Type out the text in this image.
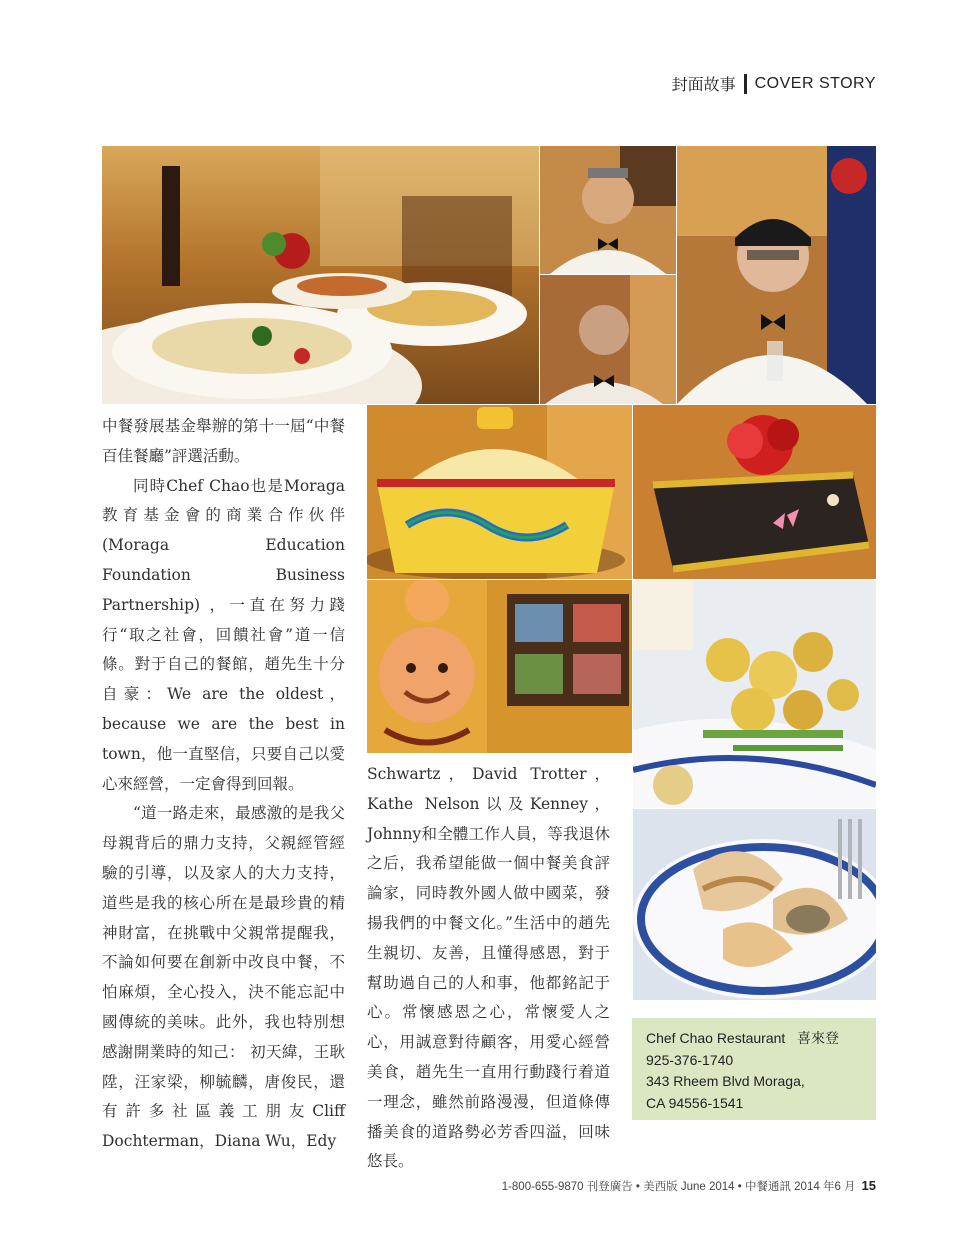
封面故事 COVER STORY

中餐發展基金舉辦的第十一屆“中餐百佳餐廳”評選活動。

同時Chef Chao也是Moraga教育基金會的商業合作伙伴 (Moraga Education Foundation Business Partnership) ，一直在努力踐行“取之社會，回饋社會”道一信條。對于自己的餐館，趙先生十分自豪：We are the oldest，because we are the best in town，他一直堅信，只要自己以愛心來經營，一定會得到回報。

“道一路走來，最感激的是我父母親背后的鼎力支持，父親經管經驗的引導，以及家人的大力支持，道些是我的核心所在是最珍貴的精神財富，在挑戰中父親常提醒我， 不論如何要在創新中改良中餐，不怕麻煩，全心投入，決不能忘記中國傳統的美味。此外，我也特別想感謝開業時的知己： 初天緯，王耿陞，汪家梁，柳毓麟，唐俊民，還有許多社區義工朋友Cliff Dochterman，Diana Wu，Edy

Schwartz，David Trotter，Kathe Nelson以及Kenney，Johnny和全體工作人員，等我退休之后，我希望能做一個中餐美食評論家，同時教外國人做中國菜，發揚我們的中餐文化。”生活中的趙先生親切、友善，且懂得感恩，對于幫助過自己的人和事，他都銘記于心。常懷感恩之心，常懷愛人之心，用誠意對待顧客，用愛心經營美食，趙先生一直用行動踐行着道一理念，雖然前路漫漫，但道條傳播美食的道路勢必芳香四溢，回味悠長。

Chef Chao Restaurant 喜來登
925-376-1740
343 Rheem Blvd Moraga,
CA 94556-1541
1-800-655-9870 刊登廣告 • 美西版 June 2014 • 中餐通訊 2014 年6 月 15
